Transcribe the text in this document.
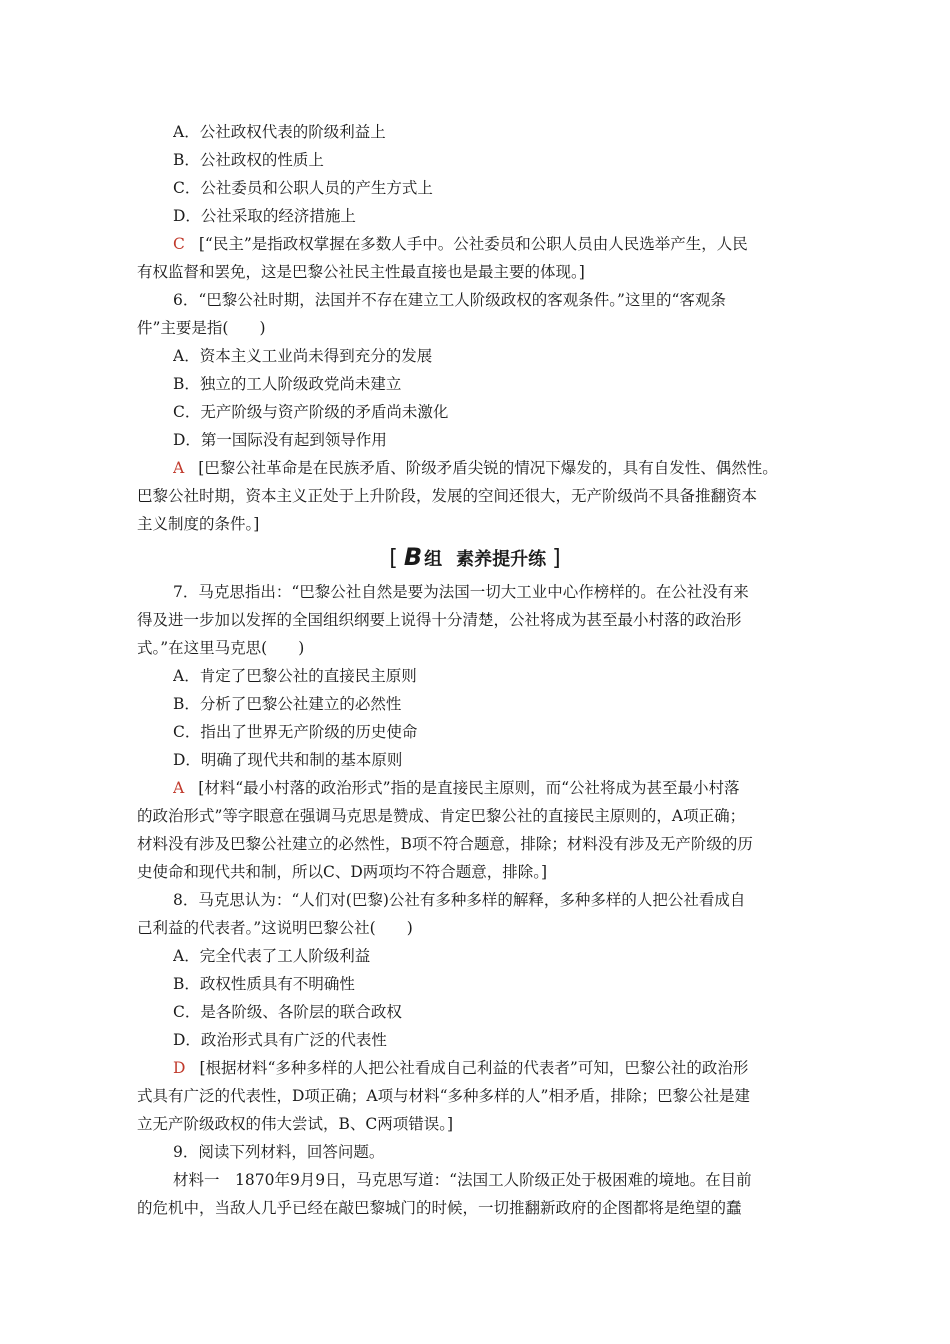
A．公社政权代表的阶级利益上
B．公社政权的性质上
C．公社委员和公职人员的产生方式上
D．公社采取的经济措施上
C [“民主”是指政权掌握在多数人手中。公社委员和公职人员由人民选举产生，人民
有权监督和罢免，这是巴黎公社民主性最直接也是最主要的体现。]
6．“巴黎公社时期，法国并不存在建立工人阶级政权的客观条件。”这里的“客观条
件”主要是指(　　)
A．资本主义工业尚未得到充分的发展
B．独立的工人阶级政党尚未建立
C．无产阶级与资产阶级的矛盾尚未激化
D．第一国际没有起到领导作用
A [巴黎公社革命是在民族矛盾、阶级矛盾尖锐的情况下爆发的，具有自发性、偶然性。
巴黎公社时期，资本主义正处于上升阶段，发展的空间还很大，无产阶级尚不具备推翻资本
主义制度的条件。]
[ B 组 素养提升练 ]
7．马克思指出：“巴黎公社自然是要为法国一切大工业中心作榜样的。在公社没有来
得及进一步加以发挥的全国组织纲要上说得十分清楚，公社将成为甚至最小村落的政治形
式。”在这里马克思(　　)
A．肯定了巴黎公社的直接民主原则
B．分析了巴黎公社建立的必然性
C．指出了世界无产阶级的历史使命
D．明确了现代共和制的基本原则
A [材料“最小村落的政治形式”指的是直接民主原则，而“公社将成为甚至最小村落
的政治形式”等字眼意在强调马克思是赞成、肯定巴黎公社的直接民主原则的，A项正确；
材料没有涉及巴黎公社建立的必然性，B项不符合题意，排除；材料没有涉及无产阶级的历
史使命和现代共和制，所以C、D两项均不符合题意，排除。]
8．马克思认为：“人们对(巴黎)公社有多种多样的解释，多种多样的人把公社看成自
己利益的代表者。”这说明巴黎公社(　　)
A．完全代表了工人阶级利益
B．政权性质具有不明确性
C．是各阶级、各阶层的联合政权
D．政治形式具有广泛的代表性
D [根据材料“多种多样的人把公社看成自己利益的代表者”可知，巴黎公社的政治形
式具有广泛的代表性，D项正确；A项与材料“多种多样的人”相矛盾，排除；巴黎公社是建
立无产阶级政权的伟大尝试，B、C两项错误。]
9．阅读下列材料，回答问题。
材料一　1870年9月9日，马克思写道：“法国工人阶级正处于极困难的境地。在目前
的危机中，当敌人几乎已经在敲巴黎城门的时候，一切推翻新政府的企图都将是绝望的蠢
